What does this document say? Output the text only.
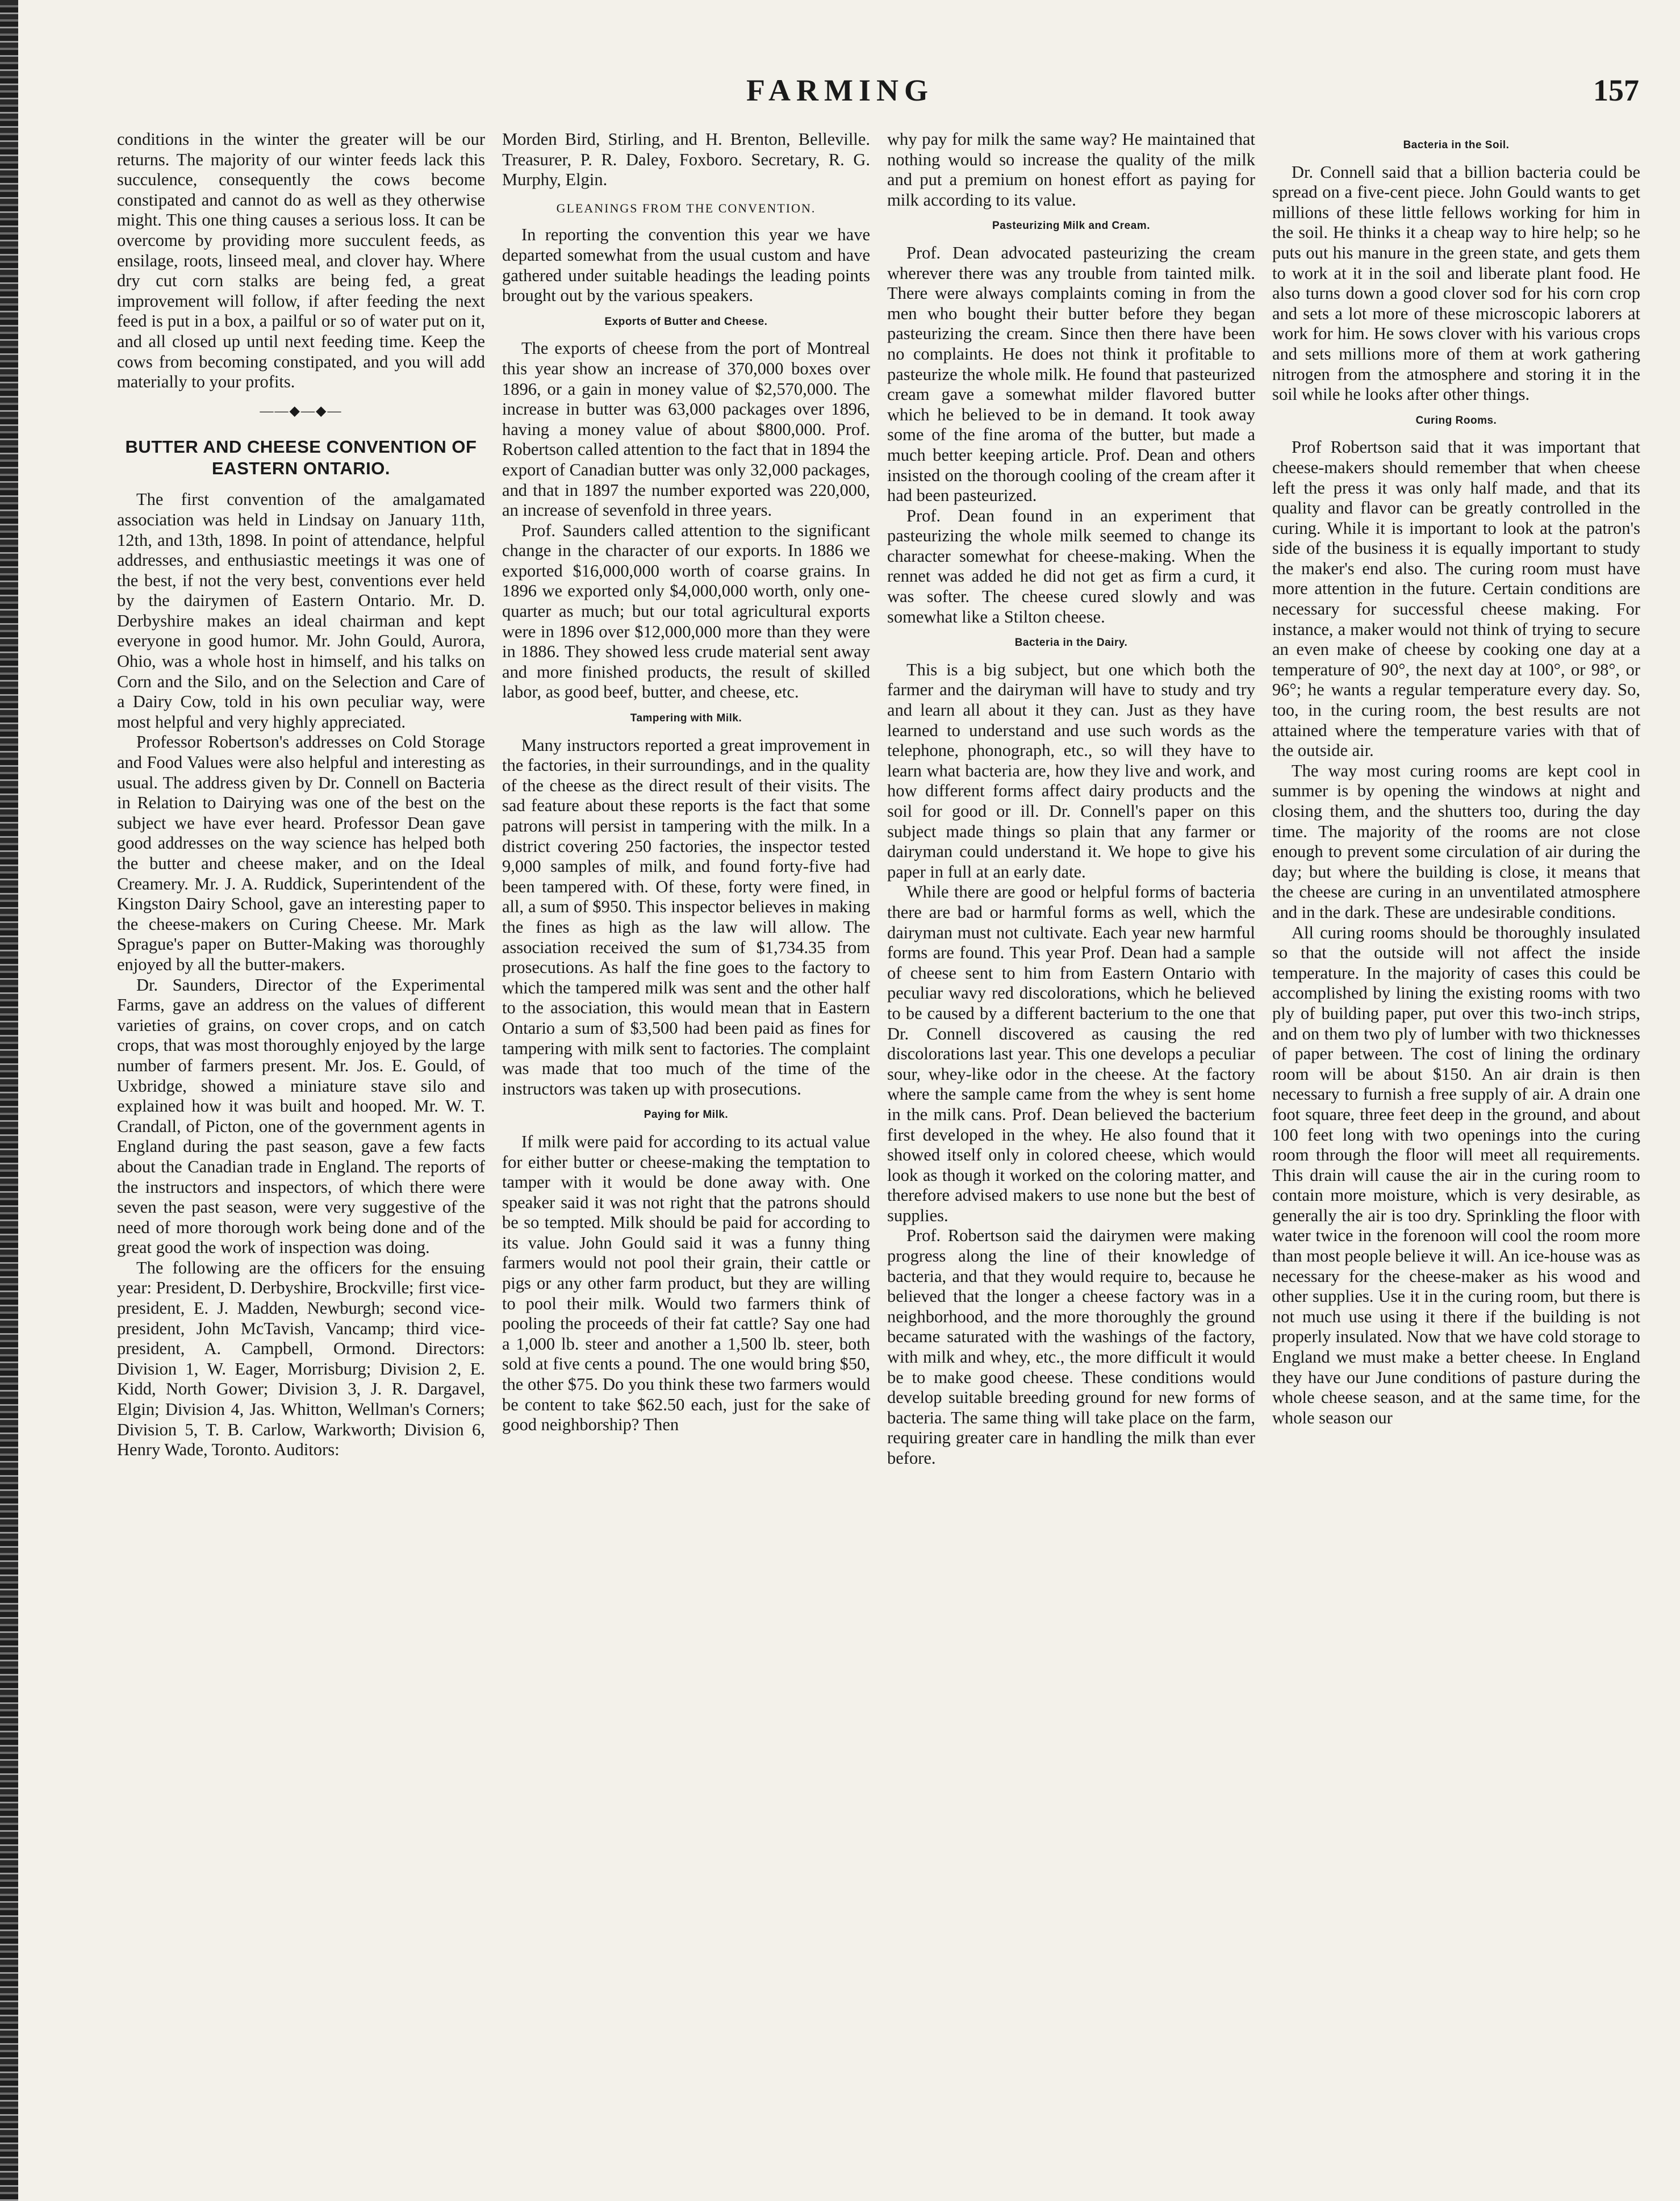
FARMING	157

conditions in the winter the greater will be our returns. The majority of our winter feeds lack this succulence, consequently the cows become constipated and cannot do as well as they otherwise might. This one thing causes a serious loss. It can be overcome by providing more succulent feeds, as ensilage, roots, linseed meal, and clover hay. Where dry cut corn stalks are being fed, a great improvement will follow, if after feeding the next feed is put in a box, a pailful or so of water put on it, and all closed up until next feeding time. Keep the cows from becoming constipated, and you will add materially to your profits.

——◆—◆—
BUTTER AND CHEESE CONVENTION OF EASTERN ONTARIO.

The first convention of the amalgamated association was held in Lindsay on January 11th, 12th, and 13th, 1898. In point of attendance, helpful addresses, and enthusiastic meetings it was one of the best, if not the very best, conventions ever held by the dairymen of Eastern Ontario. Mr. D. Derbyshire makes an ideal chairman and kept everyone in good humor. Mr. John Gould, Aurora, Ohio, was a whole host in himself, and his talks on Corn and the Silo, and on the Selection and Care of a Dairy Cow, told in his own peculiar way, were most helpful and very highly appreciated.

Professor Robertson's addresses on Cold Storage and Food Values were also helpful and interesting as usual. The address given by Dr. Connell on Bacteria in Relation to Dairying was one of the best on the subject we have ever heard. Professor Dean gave good addresses on the way science has helped both the butter and cheese maker, and on the Ideal Creamery. Mr. J. A. Ruddick, Superintendent of the Kingston Dairy School, gave an interesting paper to the cheese-makers on Curing Cheese. Mr. Mark Sprague's paper on Butter-Making was thoroughly enjoyed by all the butter-makers.

Dr. Saunders, Director of the Experimental Farms, gave an address on the values of different varieties of grains, on cover crops, and on catch crops, that was most thoroughly enjoyed by the large number of farmers present. Mr. Jos. E. Gould, of Uxbridge, showed a miniature stave silo and explained how it was built and hooped. Mr. W. T. Crandall, of Picton, one of the government agents in England during the past season, gave a few facts about the Canadian trade in England. The reports of the instructors and inspectors, of which there were seven the past season, were very suggestive of the need of more thorough work being done and of the great good the work of inspection was doing.

The following are the officers for the ensuing year: President, D. Derbyshire, Brockville; first vice-president, E. J. Madden, Newburgh; second vice-president, John McTavish, Vancamp; third vice-president, A. Campbell, Ormond. Directors: Division 1, W. Eager, Morrisburg; Division 2, E. Kidd, North Gower; Division 3, J. R. Dargavel, Elgin; Division 4, Jas. Whitton, Wellman's Corners; Division 5, T. B. Carlow, Warkworth; Division 6, Henry Wade, Toronto. Auditors:

Morden Bird, Stirling, and H. Brenton, Belleville. Treasurer, P. R. Daley, Foxboro. Secretary, R. G. Murphy, Elgin.

GLEANINGS FROM THE CONVENTION.

In reporting the convention this year we have departed somewhat from the usual custom and have gathered under suitable headings the leading points brought out by the various speakers.

Exports of Butter and Cheese.

The exports of cheese from the port of Montreal this year show an increase of 370,000 boxes over 1896, or a gain in money value of $2,570,000. The increase in butter was 63,000 packages over 1896, having a money value of about $800,000. Prof. Robertson called attention to the fact that in 1894 the export of Canadian butter was only 32,000 packages, and that in 1897 the number exported was 220,000, an increase of sevenfold in three years.

Prof. Saunders called attention to the significant change in the character of our exports. In 1886 we exported $16,000,000 worth of coarse grains. In 1896 we exported only $4,000,000 worth, only one-quarter as much; but our total agricultural exports were in 1896 over $12,000,000 more than they were in 1886. They showed less crude material sent away and more finished products, the result of skilled labor, as good beef, butter, and cheese, etc.

Tampering with Milk.

Many instructors reported a great improvement in the factories, in their surroundings, and in the quality of the cheese as the direct result of their visits. The sad feature about these reports is the fact that some patrons will persist in tampering with the milk. In a district covering 250 factories, the inspector tested 9,000 samples of milk, and found forty-five had been tampered with. Of these, forty were fined, in all, a sum of $950. This inspector believes in making the fines as high as the law will allow. The association received the sum of $1,734.35 from prosecutions. As half the fine goes to the factory to which the tampered milk was sent and the other half to the association, this would mean that in Eastern Ontario a sum of $3,500 had been paid as fines for tampering with milk sent to factories. The complaint was made that too much of the time of the instructors was taken up with prosecutions.

Paying for Milk.

If milk were paid for according to its actual value for either butter or cheese-making the temptation to tamper with it would be done away with. One speaker said it was not right that the patrons should be so tempted. Milk should be paid for according to its value. John Gould said it was a funny thing farmers would not pool their grain, their cattle or pigs or any other farm product, but they are willing to pool their milk. Would two farmers think of pooling the proceeds of their fat cattle? Say one had a 1,000 lb. steer and another a 1,500 lb. steer, both sold at five cents a pound. The one would bring $50, the other $75. Do you think these two farmers would be content to take $62.50 each, just for the sake of good neighborship? Then

why pay for milk the same way? He maintained that nothing would so increase the quality of the milk and put a premium on honest effort as paying for milk according to its value.

Pasteurizing Milk and Cream.

Prof. Dean advocated pasteurizing the cream wherever there was any trouble from tainted milk. There were always complaints coming in from the men who bought their butter before they began pasteurizing the cream. Since then there have been no complaints. He does not think it profitable to pasteurize the whole milk. He found that pasteurized cream gave a somewhat milder flavored butter which he believed to be in demand. It took away some of the fine aroma of the butter, but made a much better keeping article. Prof. Dean and others insisted on the thorough cooling of the cream after it had been pasteurized.

Prof. Dean found in an experiment that pasteurizing the whole milk seemed to change its character somewhat for cheese-making. When the rennet was added he did not get as firm a curd, it was softer. The cheese cured slowly and was somewhat like a Stilton cheese.

Bacteria in the Dairy.

This is a big subject, but one which both the farmer and the dairyman will have to study and try and learn all about it they can. Just as they have learned to understand and use such words as the telephone, phonograph, etc., so will they have to learn what bacteria are, how they live and work, and how different forms affect dairy products and the soil for good or ill. Dr. Connell's paper on this subject made things so plain that any farmer or dairyman could understand it. We hope to give his paper in full at an early date.

While there are good or helpful forms of bacteria there are bad or harmful forms as well, which the dairyman must not cultivate. Each year new harmful forms are found. This year Prof. Dean had a sample of cheese sent to him from Eastern Ontario with peculiar wavy red discolorations, which he believed to be caused by a different bacterium to the one that Dr. Connell discovered as causing the red discolorations last year. This one develops a peculiar sour, whey-like odor in the cheese. At the factory where the sample came from the whey is sent home in the milk cans. Prof. Dean believed the bacterium first developed in the whey. He also found that it showed itself only in colored cheese, which would look as though it worked on the coloring matter, and therefore advised makers to use none but the best of supplies.

Prof. Robertson said the dairymen were making progress along the line of their knowledge of bacteria, and that they would require to, because he believed that the longer a cheese factory was in a neighborhood, and the more thoroughly the ground became saturated with the washings of the factory, with milk and whey, etc., the more difficult it would be to make good cheese. These conditions would develop suitable breeding ground for new forms of bacteria. The same thing will take place on the farm, requiring greater care in handling the milk than ever before.

Bacteria in the Soil.

Dr. Connell said that a billion bacteria could be spread on a five-cent piece. John Gould wants to get millions of these little fellows working for him in the soil. He thinks it a cheap way to hire help; so he puts out his manure in the green state, and gets them to work at it in the soil and liberate plant food. He also turns down a good clover sod for his corn crop and sets a lot more of these microscopic laborers at work for him. He sows clover with his various crops and sets millions more of them at work gathering nitrogen from the atmosphere and storing it in the soil while he looks after other things.

Curing Rooms.

Prof Robertson said that it was important that cheese-makers should remember that when cheese left the press it was only half made, and that its quality and flavor can be greatly controlled in the curing. While it is important to look at the patron's side of the business it is equally important to study the maker's end also. The curing room must have more attention in the future. Certain conditions are necessary for successful cheese making. For instance, a maker would not think of trying to secure an even make of cheese by cooking one day at a temperature of 90°, the next day at 100°, or 98°, or 96°; he wants a regular temperature every day. So, too, in the curing room, the best results are not attained where the temperature varies with that of the outside air.

The way most curing rooms are kept cool in summer is by opening the windows at night and closing them, and the shutters too, during the day time. The majority of the rooms are not close enough to prevent some circulation of air during the day; but where the building is close, it means that the cheese are curing in an unventilated atmosphere and in the dark. These are undesirable conditions.

All curing rooms should be thoroughly insulated so that the outside will not affect the inside temperature. In the majority of cases this could be accomplished by lining the existing rooms with two ply of building paper, put over this two-inch strips, and on them two ply of lumber with two thicknesses of paper between. The cost of lining the ordinary room will be about $150. An air drain is then necessary to furnish a free supply of air. A drain one foot square, three feet deep in the ground, and about 100 feet long with two openings into the curing room through the floor will meet all requirements. This drain will cause the air in the curing room to contain more moisture, which is very desirable, as generally the air is too dry. Sprinkling the floor with water twice in the forenoon will cool the room more than most people believe it will. An ice-house was as necessary for the cheese-maker as his wood and other supplies. Use it in the curing room, but there is not much use using it there if the building is not properly insulated. Now that we have cold storage to England we must make a better cheese. In England they have our June conditions of pasture during the whole cheese season, and at the same time, for the whole season our
